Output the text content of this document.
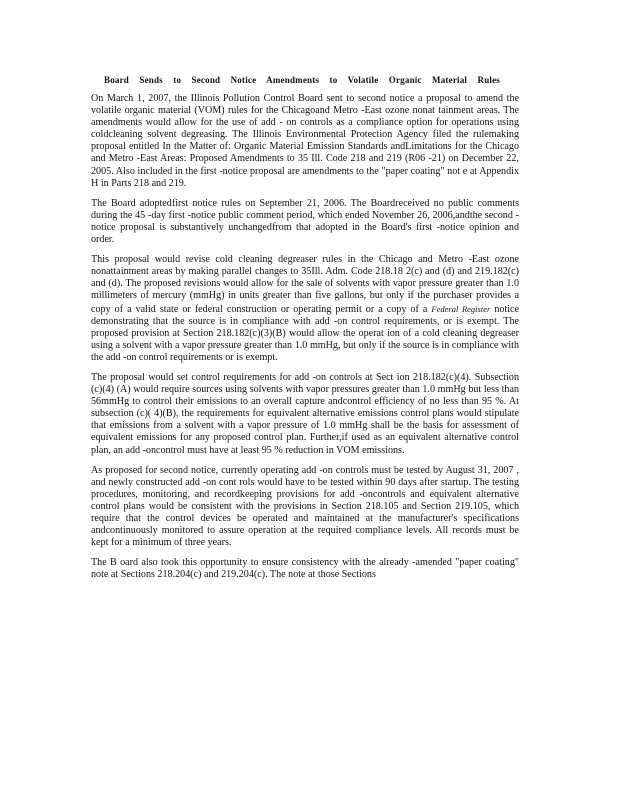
Board Sends to Second Notice Amendments to Volatile Organic Material Rules

On March 1, 2007, the Illinois Pollution Control Board sent to second notice a proposal to amend the volatile organic material (VOM) rules for the Chicagoand Metro -East ozone nonat tainment areas. The amendments would allow for the use of add - on controls as a compliance option for operations using coldcleaning solvent degreasing. The Illinois Environmental Protection Agency filed the rulemaking proposal entitled In the Matter of: Organic Material Emission Standards andLimitations for the Chicago and Metro -East Areas: Proposed Amendments to 35 Ill. Code 218 and 219 (R06 -21) on December 22, 2005. Also included in the first -notice proposal are amendments to the "paper coating" not e at Appendix H in Parts 218 and 219.

The Board adoptedfirst notice rules on September 21, 2006. The Boardreceived no public comments during the 45 -day first -notice public comment period, which ended November 26, 2006,andthe second - notice proposal is substantively unchangedfrom that adopted in the Board's first -notice opinion and order.

This proposal would revise cold cleaning degreaser rules in the Chicago and Metro -East ozone nonattainment areas by making parallel changes to 35Ill. Adm. Code 218.18 2(c) and (d) and 219.182(c) and (d). The proposed revisions would allow for the sale of solvents with vapor pressure greater than 1.0 millimeters of mercury (mmHg) in units greater than five gallons, but only if the purchaser provides a copy of a valid state or federal construction or operating permit or a copy of a Federal Register notice demonstrating that the source is in compliance with add -on control requirements, or is exempt. The proposed provision at Section 218.182(c)(3)(B) would allow the operat ion of a cold cleaning degreaser using a solvent with a vapor pressure greater than 1.0 mmHg, but only if the source is in compliance with the add -on control requirements or is exempt.

The proposal would set control requirements for add -on controls at Sect ion 218.182(c)(4). Subsection (c)(4) (A) would require sources using solvents with vapor pressures greater than 1.0 mmHg but less than 56mmHg to control their emissions to an overall capture andcontrol efficiency of no less than 95 %. At subsection (c)( 4)(B), the requirements for equivalent alternative emissions control plans would stipulate that emissions from a solvent with a vapor pressure of 1.0 mmHg shall be the basis for assessment of equivalent emissions for any proposed control plan. Further,if used as an equivalent alternative control plan, an add -oncontrol must have at least 95 % reduction in VOM emissions.

As proposed for second notice, currently operating add -on controls must be tested by August 31, 2007 , and newly constructed add -on cont rols would have to be tested within 90 days after startup. The testing procedures, monitoring, and recordkeeping provisions for add -oncontrols and equivalent alternative control plans would be consistent with the provisions in Section 218.105 and Section 219.105, which require that the control devices be operated and maintained at the manufacturer's specifications andcontinuously monitored to assure operation at the required compliance levels. All records must be kept for a minimum of three years.

The B oard also took this opportunity to ensure consistency with the already -amended "paper coating" note at Sections 218.204(c) and 219.204(c). The note at those Sections
